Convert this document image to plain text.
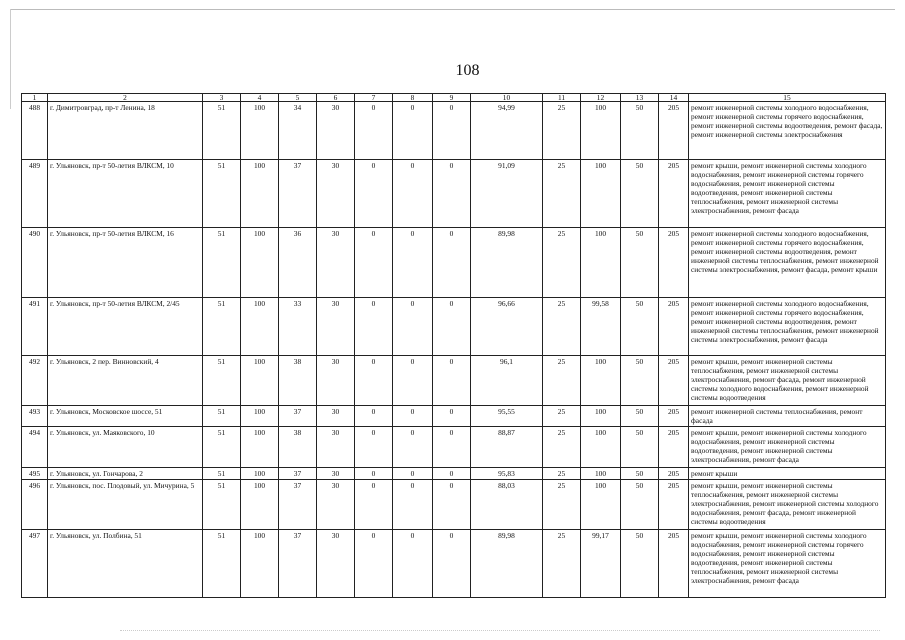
108
1	2	3	4	5	6	7	8	9	10	11	12	13	14	15
488	г. Димитровград, пр-т Ленина, 18	51	100	34	30	0	0	0	94,99	25	100	50	205	ремонт инженерной системы холодного водоснабжения, ремонт инженерной системы горячего водоснабжения, ремонт инженерной системы водоотведения, ремонт фасада, ремонт инженерной системы электроснабжения
489	г. Ульяновск, пр-т 50-летия ВЛКСМ, 10	51	100	37	30	0	0	0	91,09	25	100	50	205	ремонт крыши, ремонт инженерной системы холодного водоснабжения, ремонт инженерной системы горячего водоснабжения, ремонт инженерной системы водоотведения, ремонт инженерной системы теплоснабжения, ремонт инженерной системы электроснабжения, ремонт фасада
490	г. Ульяновск, пр-т 50-летия ВЛКСМ, 16	51	100	36	30	0	0	0	89,98	25	100	50	205	ремонт инженерной системы холодного водоснабжения, ремонт инженерной системы горячего водоснабжения, ремонт инженерной системы водоотведения, ремонт инженерной системы теплоснабжения, ремонт инженерной системы электроснабжения, ремонт фасада, ремонт крыши
491	г. Ульяновск, пр-т 50-летия ВЛКСМ, 2/45	51	100	33	30	0	0	0	96,66	25	99,58	50	205	ремонт инженерной системы холодного водоснабжения, ремонт инженерной системы горячего водоснабжения, ремонт инженерной системы водоотведения, ремонт инженерной системы теплоснабжения, ремонт инженерной системы электроснабжения, ремонт фасада
492	г. Ульяновск, 2 пер. Винновский, 4	51	100	38	30	0	0	0	96,1	25	100	50	205	ремонт крыши, ремонт инженерной системы теплоснабжения, ремонт инженерной системы электроснабжения, ремонт фасада, ремонт инженерной системы холодного водоснабжения, ремонт инженерной системы водоотведения
493	г. Ульяновск, Московское шоссе, 51	51	100	37	30	0	0	0	95,55	25	100	50	205	ремонт инженерной системы теплоснабжения, ремонт фасада
494	г. Ульяновск, ул. Маяковского, 10	51	100	38	30	0	0	0	88,87	25	100	50	205	ремонт крыши, ремонт инженерной системы холодного водоснабжения, ремонт инженерной системы водоотведения, ремонт инженерной системы электроснабжения, ремонт фасада
495	г. Ульяновск, ул. Гончарова, 2	51	100	37	30	0	0	0	95,83	25	100	50	205	ремонт крыши
496	г. Ульяновск, пос. Плодовый, ул. Мичурина, 5	51	100	37	30	0	0	0	88,03	25	100	50	205	ремонт крыши, ремонт инженерной системы теплоснабжения, ремонт инженерной системы электроснабжения, ремонт инженерной системы холодного водоснабжения, ремонт фасада, ремонт инженерной системы водоотведения
497	г. Ульяновск, ул. Полбина, 51	51	100	37	30	0	0	0	89,98	25	99,17	50	205	ремонт крыши, ремонт инженерной системы холодного водоснабжения, ремонт инженерной системы горячего водоснабжения, ремонт инженерной системы водоотведения, ремонт инженерной системы теплоснабжения, ремонт инженерной системы электроснабжения, ремонт фасада
